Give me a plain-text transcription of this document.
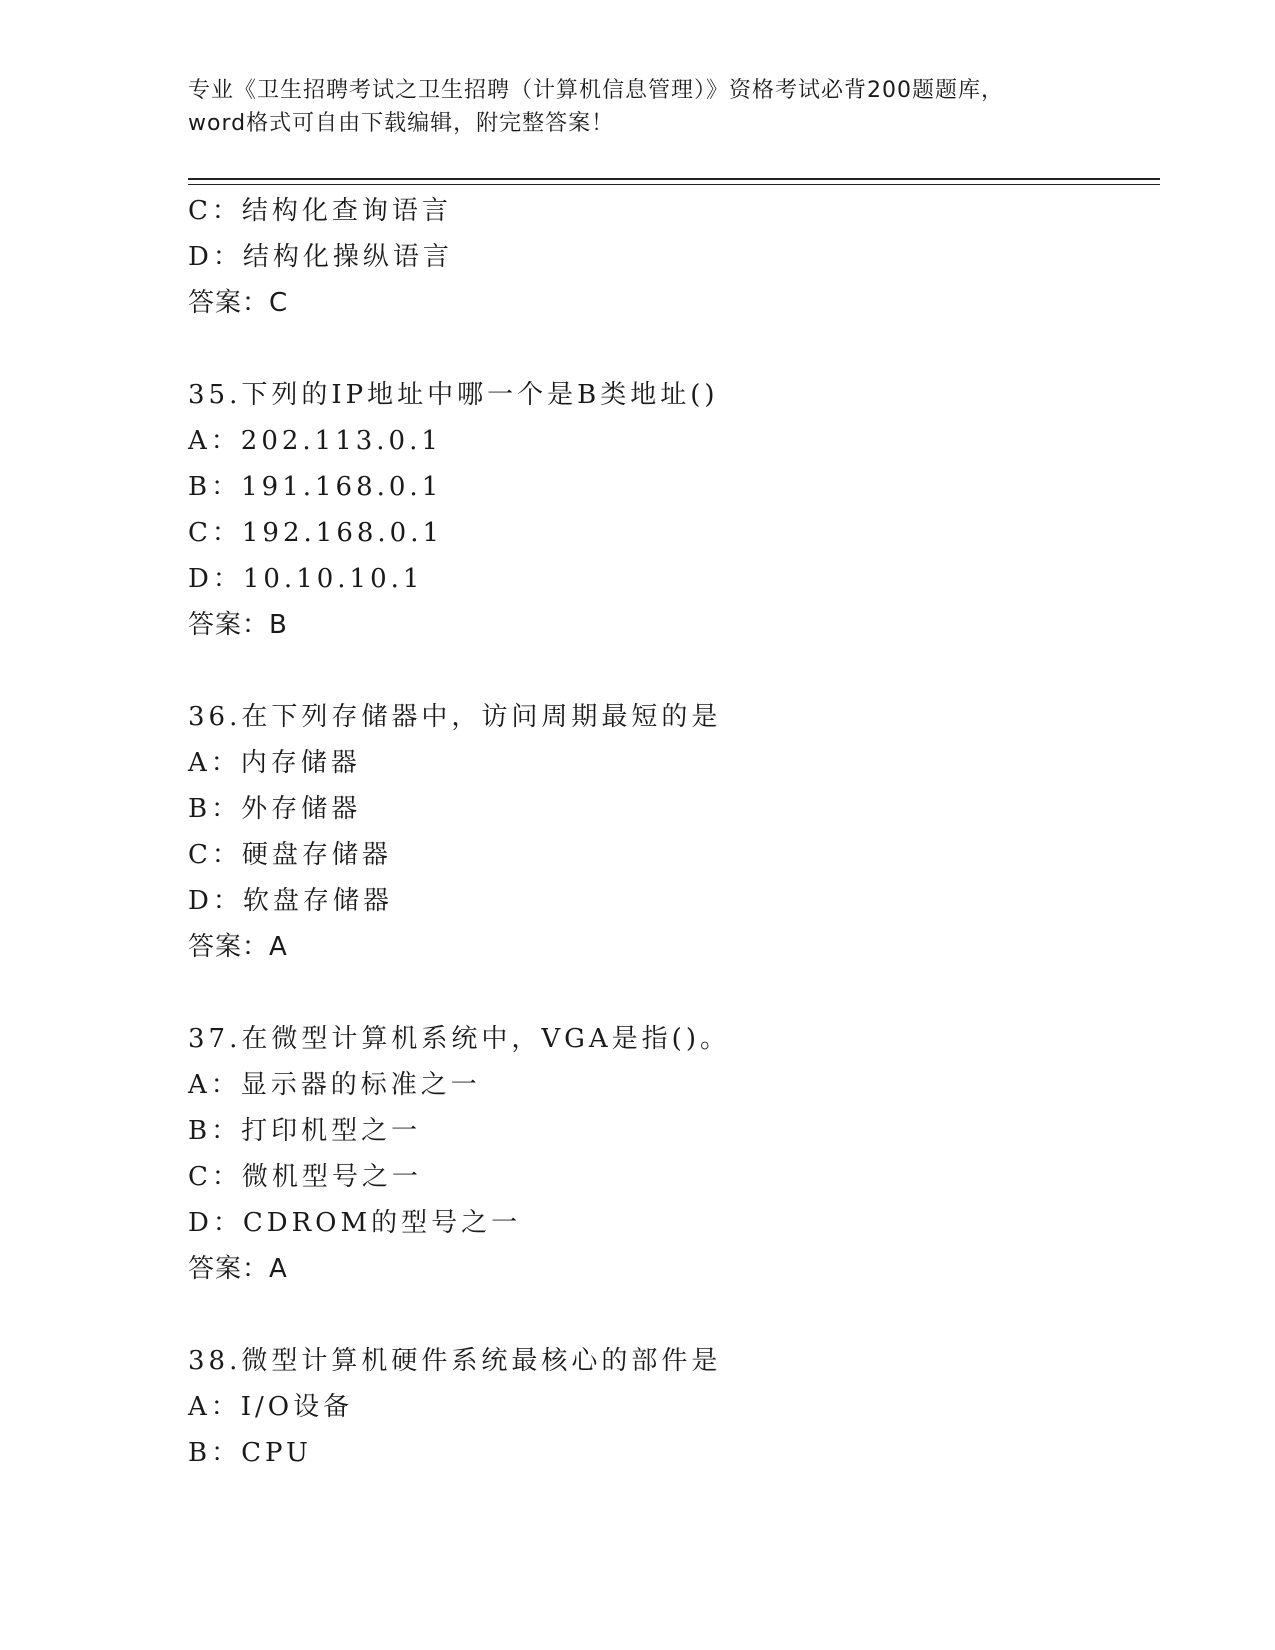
专业《卫生招聘考试之卫生招聘（计算机信息管理）》资格考试必背200题题库，
word格式可自由下载编辑，附完整答案！
C：结构化查询语言
D：结构化操纵语言
答案：C
35.下列的IP地址中哪一个是B类地址()
A：202.113.0.1
B：191.168.0.1
C：192.168.0.1
D：10.10.10.1
答案：B
36.在下列存储器中，访问周期最短的是
A：内存储器
B：外存储器
C：硬盘存储器
D：软盘存储器
答案：A
37.在微型计算机系统中，VGA是指()。
A：显示器的标准之一
B：打印机型之一
C：微机型号之一
D：CDROM的型号之一
答案：A
38.微型计算机硬件系统最核心的部件是
A：I/O设备
B：CPU
